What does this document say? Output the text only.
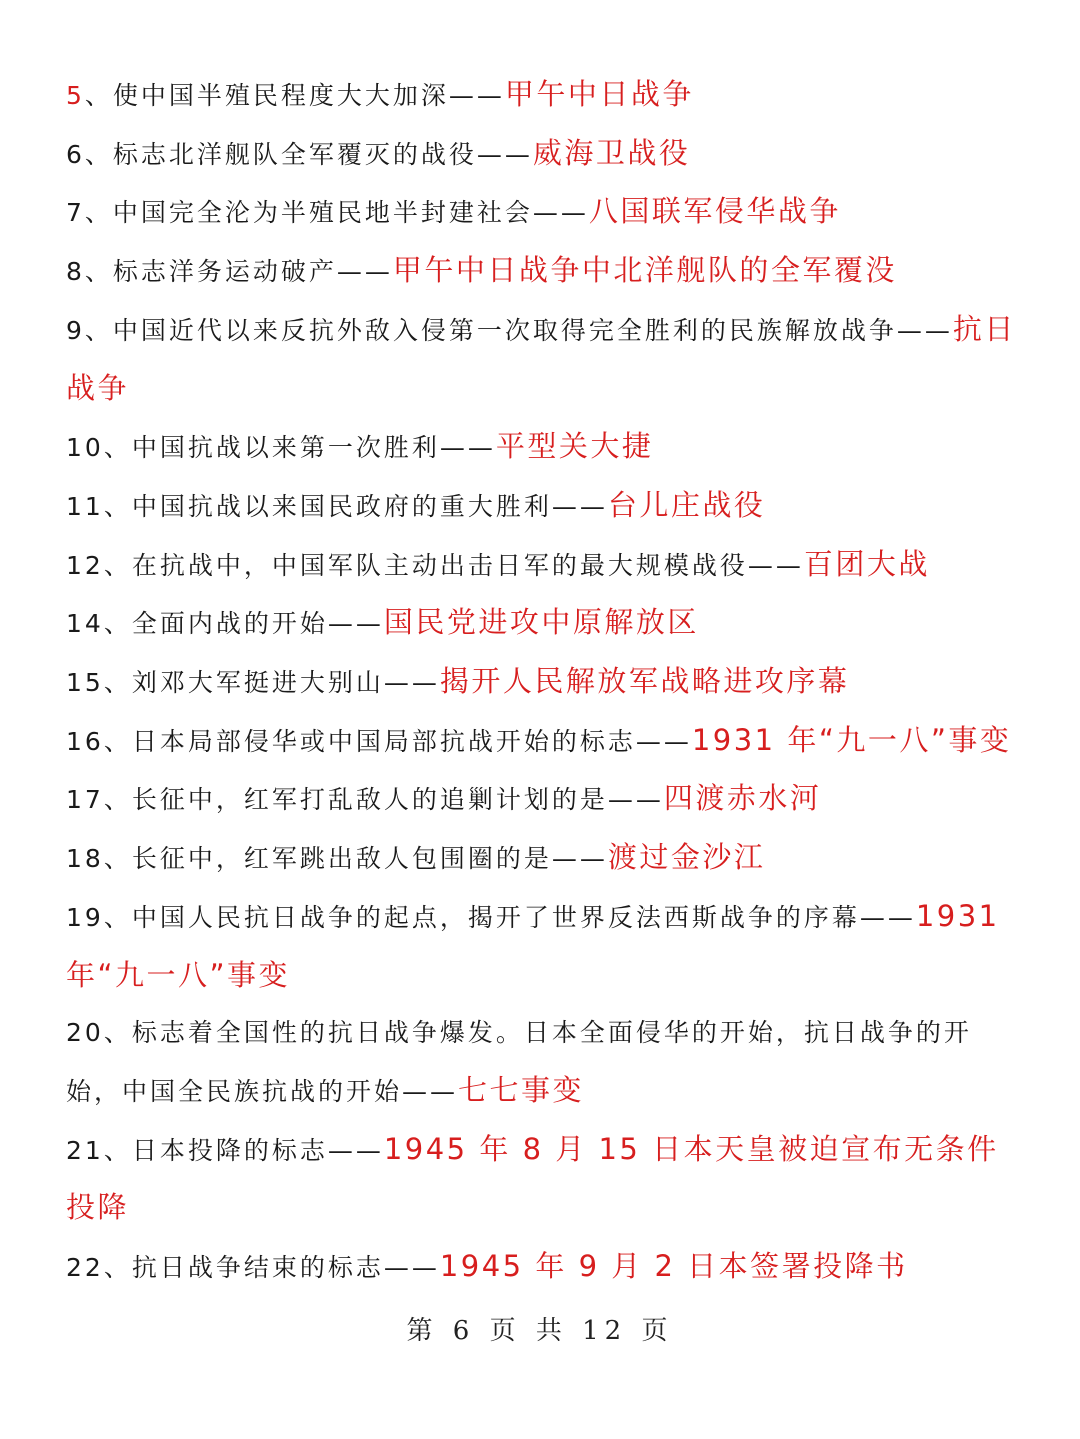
5、使中国半殖民程度大大加深——甲午中日战争

6、标志北洋舰队全军覆灭的战役——威海卫战役

7、中国完全沦为半殖民地半封建社会——八国联军侵华战争

8、标志洋务运动破产——甲午中日战争中北洋舰队的全军覆没

9、中国近代以来反抗外敌入侵第一次取得完全胜利的民族解放战争——抗日战争

10、中国抗战以来第一次胜利——平型关大捷

11、中国抗战以来国民政府的重大胜利——台儿庄战役

12、在抗战中，中国军队主动出击日军的最大规模战役——百团大战

14、全面内战的开始——国民党进攻中原解放区

15、刘邓大军挺进大别山——揭开人民解放军战略进攻序幕

16、日本局部侵华或中国局部抗战开始的标志——1931 年“九一八”事变

17、长征中，红军打乱敌人的追剿计划的是——四渡赤水河

18、长征中，红军跳出敌人包围圈的是——渡过金沙江

19、中国人民抗日战争的起点，揭开了世界反法西斯战争的序幕——1931 年“九一八”事变

20、标志着全国性的抗日战争爆发。日本全面侵华的开始，抗日战争的开始，中国全民族抗战的开始——七七事变

21、日本投降的标志——1945 年 8 月 15 日本天皇被迫宣布无条件投降

22、抗日战争结束的标志——1945 年 9 月 2 日本签署投降书

第 6 页 共 12 页
